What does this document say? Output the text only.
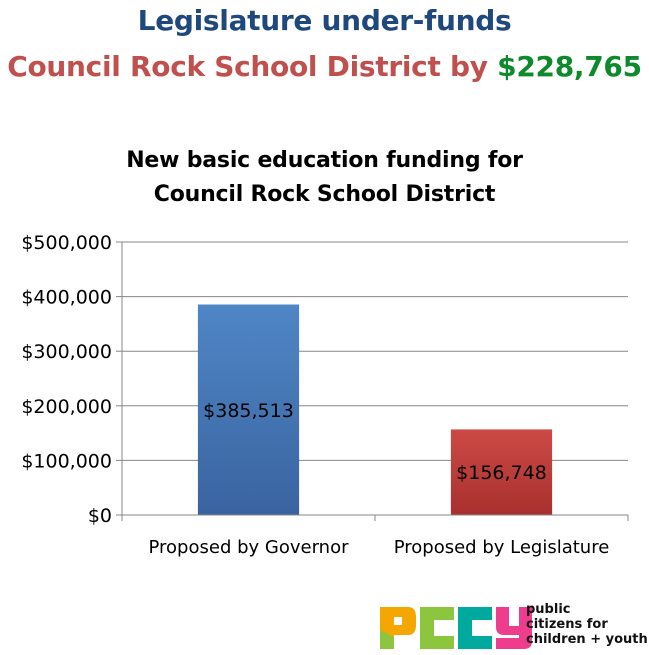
Legislature under-funds
Council Rock School District by $228,765
New basic education funding for
Council Rock School District
$0
$100,000
$200,000
$300,000
$400,000
$500,000
$385,513
Proposed by Governor
$156,748
Proposed by Legislature
public
citizens for
children + youth
